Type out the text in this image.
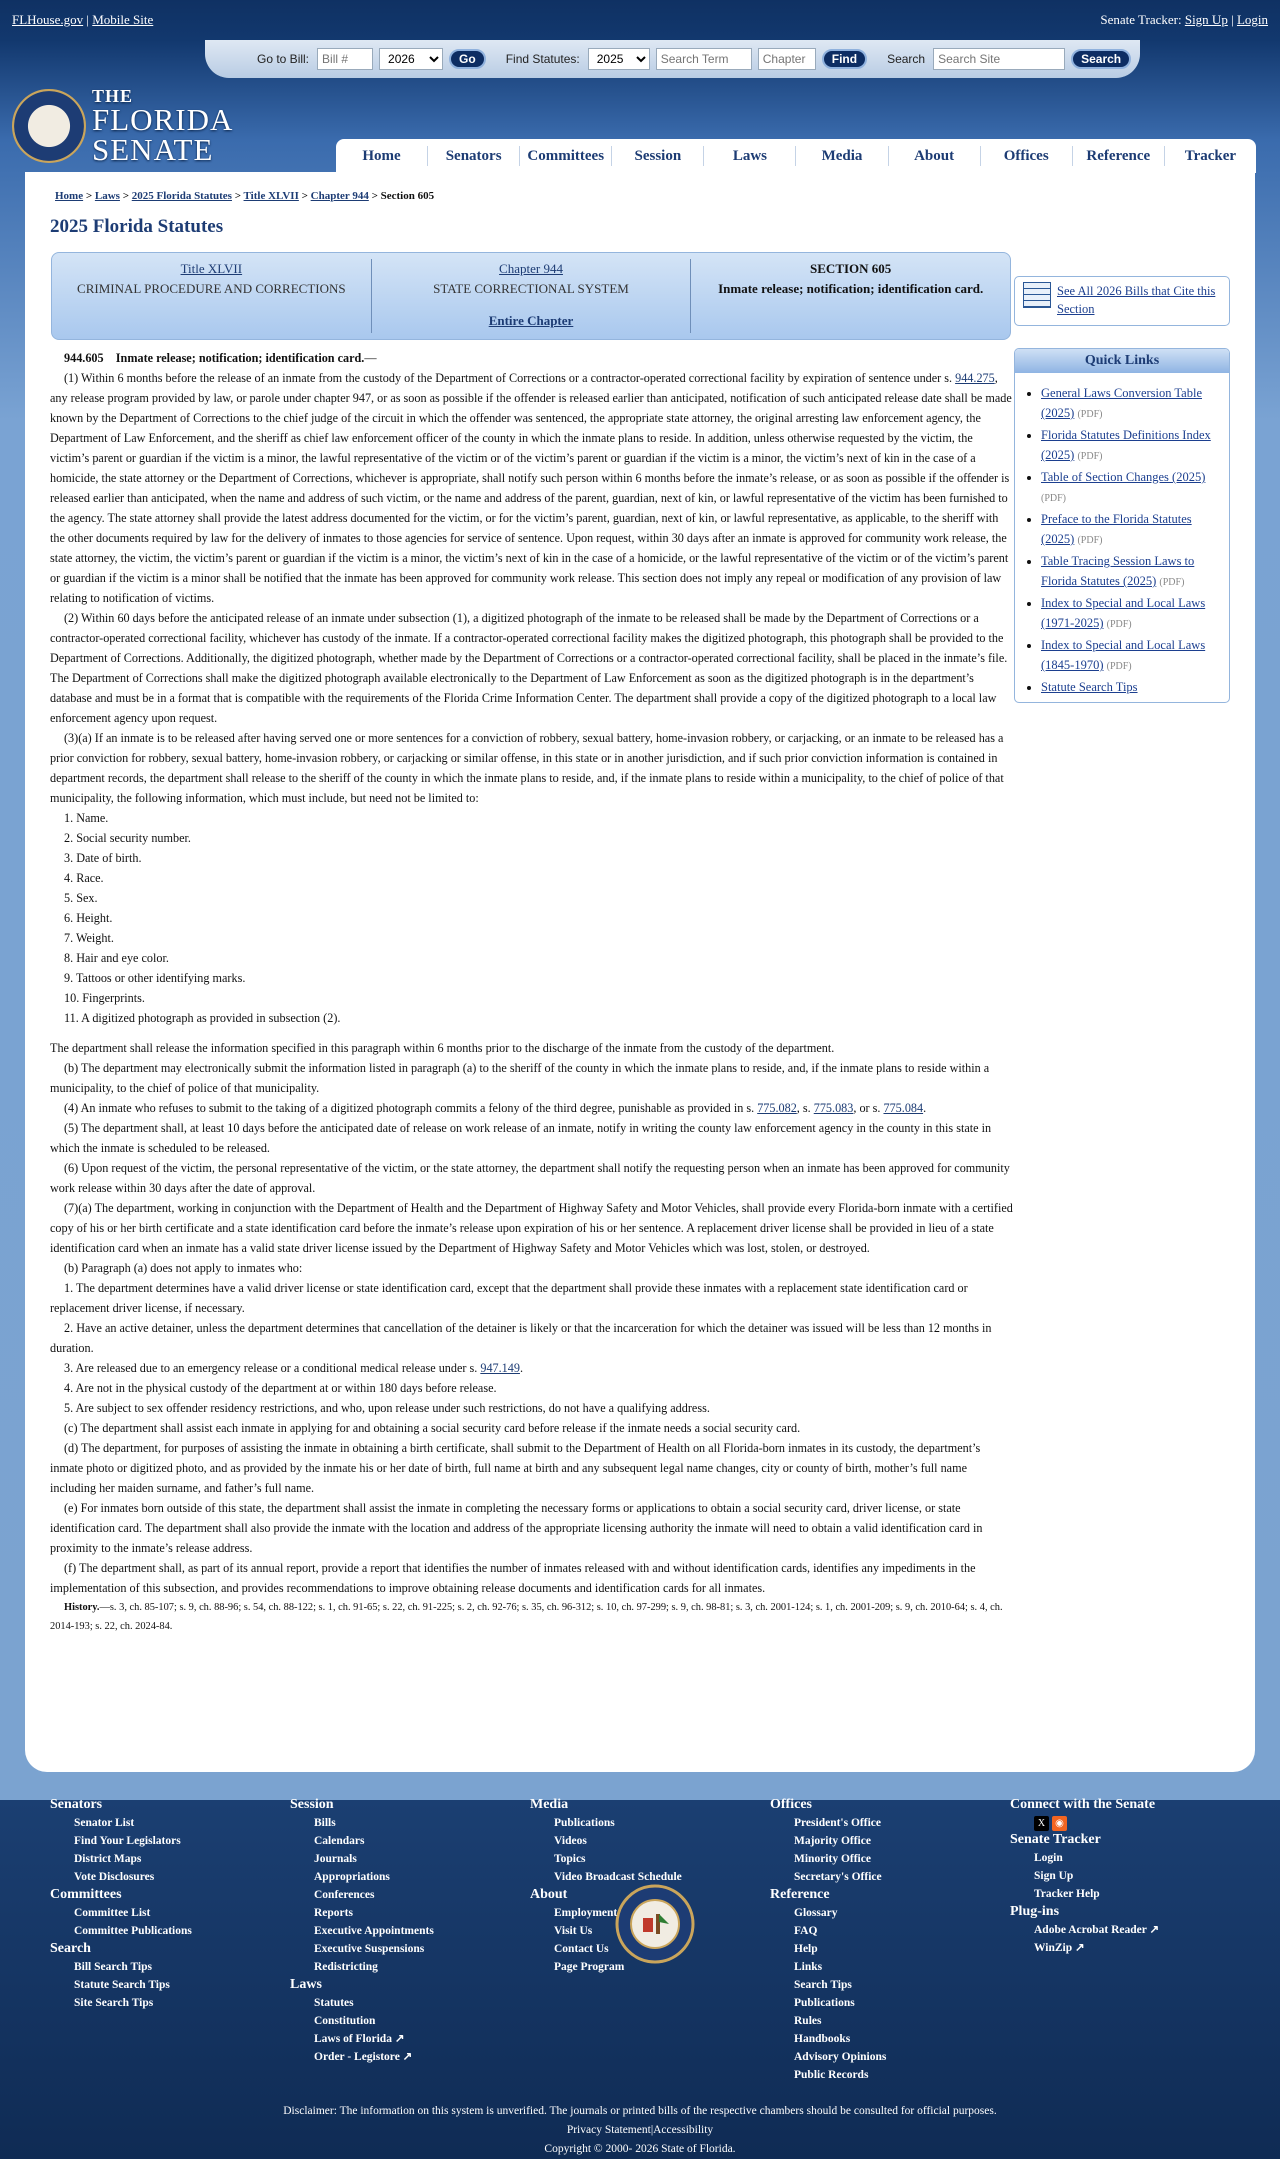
FLHouse.gov | Mobile Site	Senate Tracker: Sign Up | Login
Go to Bill:
Bill #
2026	Go	Find Statutes:
2025
Search Term
Chapter	Find	Search
Search Site	Search
THE
FLORIDA
SENATE	Home	Senators	Committees	Session	Laws	Media	About	Offices	Reference	Tracker
Home > Laws > 2025 Florida Statutes > Title XLVII > Chapter 944 > Section 605
2025 Florida Statutes
Title XLVII
CRIMINAL PROCEDURE AND CORRECTIONS
Chapter 944
STATE CORRECTIONAL SYSTEM
Entire Chapter
SECTION 605
Inmate release; notification; identification card.

944.605 Inmate release; notification; identification card.—

(1) Within 6 months before the release of an inmate from the custody of the Department of Corrections or a contractor-operated correctional facility by expiration of sentence under s. 944.275, any release program provided by law, or parole under chapter 947, or as soon as possible if the offender is released earlier than anticipated, notification of such anticipated release date shall be made known by the Department of Corrections to the chief judge of the circuit in which the offender was sentenced, the appropriate state attorney, the original arresting law enforcement agency, the Department of Law Enforcement, and the sheriff as chief law enforcement officer of the county in which the inmate plans to reside. In addition, unless otherwise requested by the victim, the victim’s parent or guardian if the victim is a minor, the lawful representative of the victim or of the victim’s parent or guardian if the victim is a minor, the victim’s next of kin in the case of a homicide, the state attorney or the Department of Corrections, whichever is appropriate, shall notify such person within 6 months before the inmate’s release, or as soon as possible if the offender is released earlier than anticipated, when the name and address of such victim, or the name and address of the parent, guardian, next of kin, or lawful representative of the victim has been furnished to the agency. The state attorney shall provide the latest address documented for the victim, or for the victim’s parent, guardian, next of kin, or lawful representative, as applicable, to the sheriff with the other documents required by law for the delivery of inmates to those agencies for service of sentence. Upon request, within 30 days after an inmate is approved for community work release, the state attorney, the victim, the victim’s parent or guardian if the victim is a minor, the victim’s next of kin in the case of a homicide, or the lawful representative of the victim or of the victim’s parent or guardian if the victim is a minor shall be notified that the inmate has been approved for community work release. This section does not imply any repeal or modification of any provision of law relating to notification of victims.

(2) Within 60 days before the anticipated release of an inmate under subsection (1), a digitized photograph of the inmate to be released shall be made by the Department of Corrections or a contractor-operated correctional facility, whichever has custody of the inmate. If a contractor-operated correctional facility makes the digitized photograph, this photograph shall be provided to the Department of Corrections. Additionally, the digitized photograph, whether made by the Department of Corrections or a contractor-operated correctional facility, shall be placed in the inmate’s file. The Department of Corrections shall make the digitized photograph available electronically to the Department of Law Enforcement as soon as the digitized photograph is in the department’s database and must be in a format that is compatible with the requirements of the Florida Crime Information Center. The department shall provide a copy of the digitized photograph to a local law enforcement agency upon request.

(3)(a) If an inmate is to be released after having served one or more sentences for a conviction of robbery, sexual battery, home-invasion robbery, or carjacking, or an inmate to be released has a prior conviction for robbery, sexual battery, home-invasion robbery, or carjacking or similar offense, in this state or in another jurisdiction, and if such prior conviction information is contained in department records, the department shall release to the sheriff of the county in which the inmate plans to reside, and, if the inmate plans to reside within a municipality, to the chief of police of that municipality, the following information, which must include, but need not be limited to:

1. Name.
2. Social security number.
3. Date of birth.
4. Race.
5. Sex.
6. Height.
7. Weight.
8. Hair and eye color.
9. Tattoos or other identifying marks.
10. Fingerprints.
11. A digitized photograph as provided in subsection (2).

The department shall release the information specified in this paragraph within 6 months prior to the discharge of the inmate from the custody of the department.

(b) The department may electronically submit the information listed in paragraph (a) to the sheriff of the county in which the inmate plans to reside, and, if the inmate plans to reside within a municipality, to the chief of police of that municipality.

(4) An inmate who refuses to submit to the taking of a digitized photograph commits a felony of the third degree, punishable as provided in s. 775.082, s. 775.083, or s. 775.084.

(5) The department shall, at least 10 days before the anticipated date of release on work release of an inmate, notify in writing the county law enforcement agency in the county in this state in which the inmate is scheduled to be released.

(6) Upon request of the victim, the personal representative of the victim, or the state attorney, the department shall notify the requesting person when an inmate has been approved for community work release within 30 days after the date of approval.

(7)(a) The department, working in conjunction with the Department of Health and the Department of Highway Safety and Motor Vehicles, shall provide every Florida-born inmate with a certified copy of his or her birth certificate and a state identification card before the inmate’s release upon expiration of his or her sentence. A replacement driver license shall be provided in lieu of a state identification card when an inmate has a valid state driver license issued by the Department of Highway Safety and Motor Vehicles which was lost, stolen, or destroyed.

(b) Paragraph (a) does not apply to inmates who:

1. The department determines have a valid driver license or state identification card, except that the department shall provide these inmates with a replacement state identification card or replacement driver license, if necessary.

2. Have an active detainer, unless the department determines that cancellation of the detainer is likely or that the incarceration for which the detainer was issued will be less than 12 months in duration.

3. Are released due to an emergency release or a conditional medical release under s. 947.149.

4. Are not in the physical custody of the department at or within 180 days before release.

5. Are subject to sex offender residency restrictions, and who, upon release under such restrictions, do not have a qualifying address.

(c) The department shall assist each inmate in applying for and obtaining a social security card before release if the inmate needs a social security card.

(d) The department, for purposes of assisting the inmate in obtaining a birth certificate, shall submit to the Department of Health on all Florida-born inmates in its custody, the department’s inmate photo or digitized photo, and as provided by the inmate his or her date of birth, full name at birth and any subsequent legal name changes, city or county of birth, mother’s full name including her maiden surname, and father’s full name.

(e) For inmates born outside of this state, the department shall assist the inmate in completing the necessary forms or applications to obtain a social security card, driver license, or state identification card. The department shall also provide the inmate with the location and address of the appropriate licensing authority the inmate will need to obtain a valid identification card in proximity to the inmate’s release address.

(f) The department shall, as part of its annual report, provide a report that identifies the number of inmates released with and without identification cards, identifies any impediments in the implementation of this subsection, and provides recommendations to improve obtaining release documents and identification cards for all inmates.

History.—s. 3, ch. 85-107; s. 9, ch. 88-96; s. 54, ch. 88-122; s. 1, ch. 91-65; s. 22, ch. 91-225; s. 2, ch. 92-76; s. 35, ch. 96-312; s. 10, ch. 97-299; s. 9, ch. 98-81; s. 3, ch. 2001-124; s. 1, ch. 2001-209; s. 9, ch. 2010-64; s. 4, ch. 2014-193; s. 22, ch. 2024-84.

See All 2026 Bills that Cite this Section
Quick Links
• General Laws Conversion Table (2025) (PDF)
• Florida Statutes Definitions Index (2025) (PDF)
• Table of Section Changes (2025) (PDF)
• Preface to the Florida Statutes (2025) (PDF)
• Table Tracing Session Laws to Florida Statutes (2025) (PDF)
• Index to Special and Local Laws (1971-2025) (PDF)
• Index to Special and Local Laws (1845-1970) (PDF)
• Statute Search Tips
Senators
Senator List
Find Your Legislators
District Maps
Vote Disclosures
Committees
Committee List
Committee Publications
Search
Bill Search Tips
Statute Search Tips
Site Search Tips
Session
Bills
Calendars
Journals
Appropriations
Conferences
Reports
Executive Appointments
Executive Suspensions
Redistricting
Laws
Statutes
Constitution
Laws of Florida ↗
Order - Legistore ↗
Media
Publications
Videos
Topics
Video Broadcast Schedule
About
Employment
Visit Us
Contact Us
Page Program
Offices
President's Office
Majority Office
Minority Office
Secretary's Office
Reference
Glossary
FAQ
Help
Links
Search Tips
Publications
Rules
Handbooks
Advisory Opinions
Public Records
Connect with the Senate
X	◉
Senate Tracker
Login
Sign Up
Tracker Help
Plug-ins
Adobe Acrobat Reader ↗
WinZip ↗
Disclaimer: The information on this system is unverified. The journals or printed bills of the respective chambers should be consulted for official purposes.
Privacy Statement|Accessibility
Copyright © 2000- 2026 State of Florida.
